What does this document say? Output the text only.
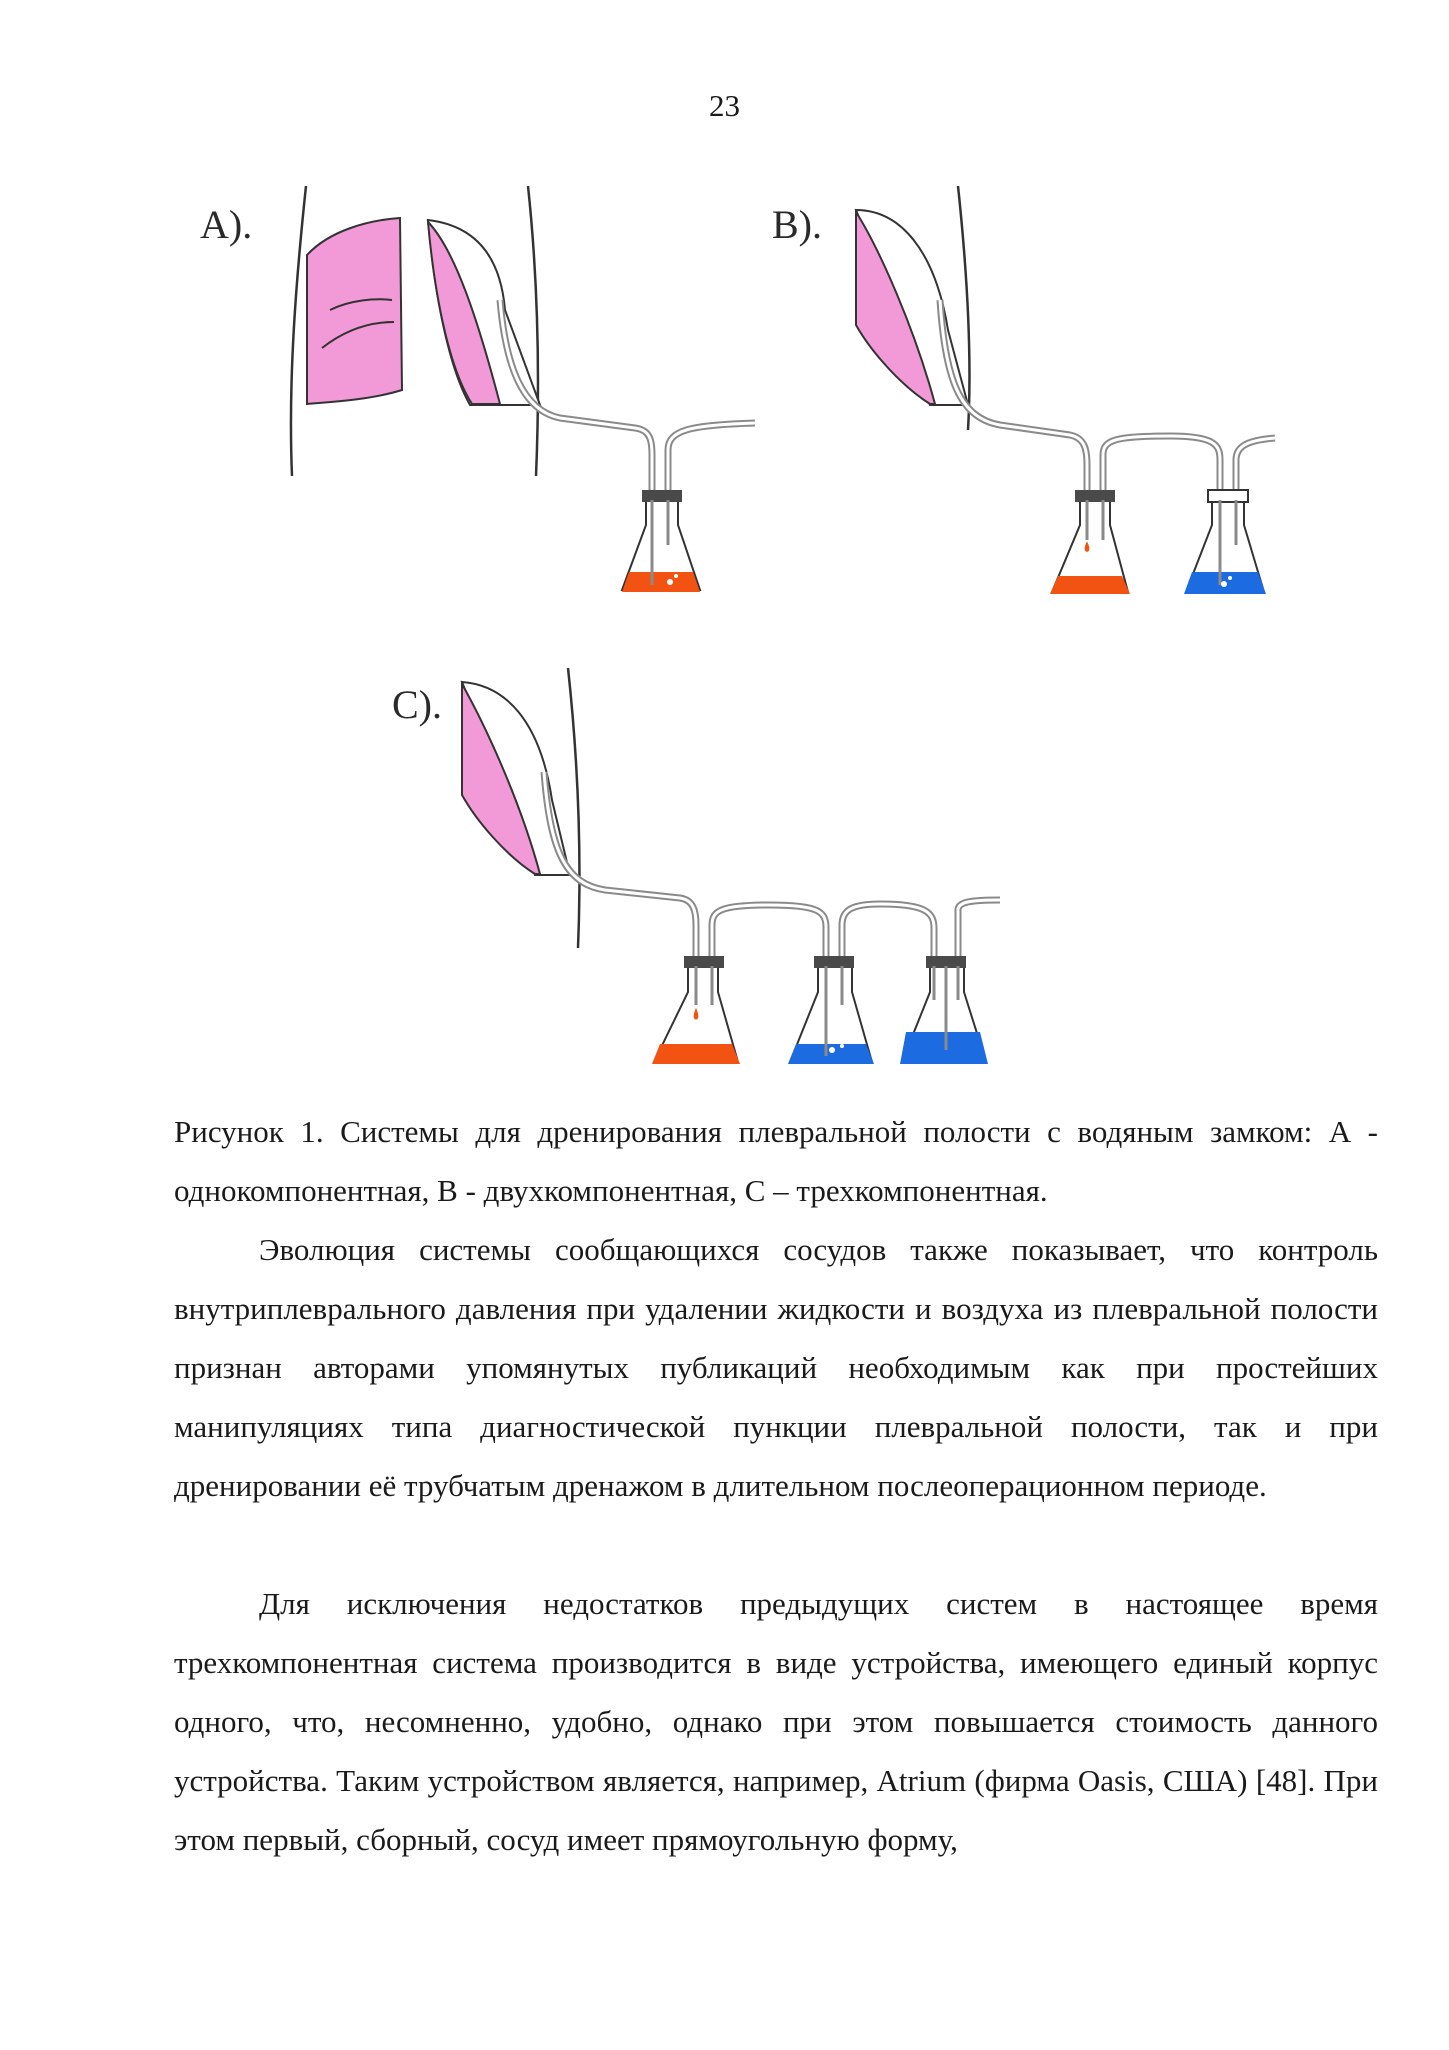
23
A).	B).
C).
Рисунок 1. Системы для дренирования плевральной полости с водяным замком: А - однокомпонентная, В - двухкомпонентная, С – трехкомпонентная.

Эволюция системы сообщающихся сосудов также показывает, что контроль внутриплеврального давления при удалении жидкости и воздуха из плевральной полости признан авторами упомянутых публикаций необходимым как при простейших манипуляциях типа диагностической пункции плевральной полости, так и при дренировании её трубчатым дренажом в длительном послеоперационном периоде.

Для исключения недостатков предыдущих систем в настоящее время трехкомпонентная система производится в виде устройства, имеющего единый корпус одного, что, несомненно, удобно, однако при этом повышается стоимость данного устройства. Таким устройством является, например, Atrium (фирма Oasis, США) [48]. При этом первый, сборный, сосуд имеет прямоугольную форму,
